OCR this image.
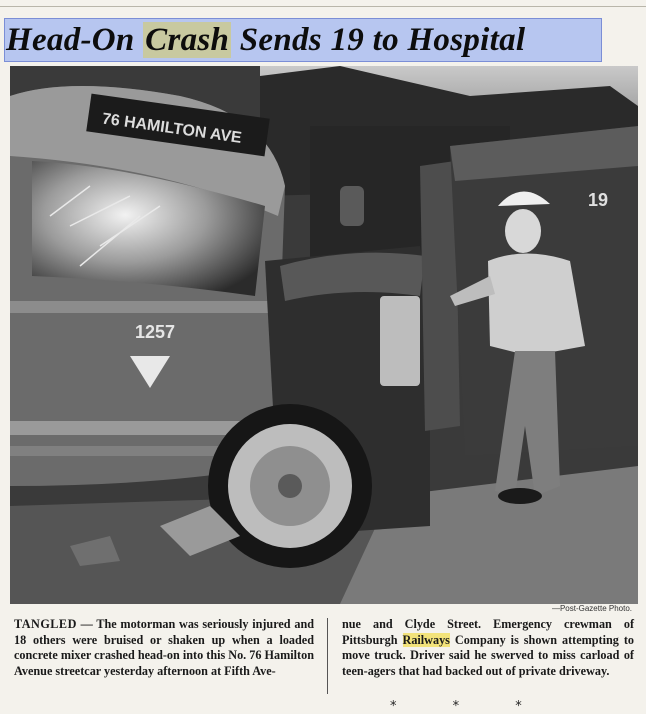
Head-On Crash Sends 19 to Hospital
76 HAMILTON AVE
1257
19
—Post-Gazette Photo.
TANGLED — The motorman was seriously injured and 18 others were bruised or shaken up when a loaded concrete mixer crashed head-on into this No. 76 Hamilton Avenue streetcar yesterday afternoon at Fifth Ave-
nue and Clyde Street. Emergency crewman of Pittsburgh Railways Company is shown attempting to move truck. Driver said he swerved to miss carload of teen-agers that had backed out of private driveway.
* * *
